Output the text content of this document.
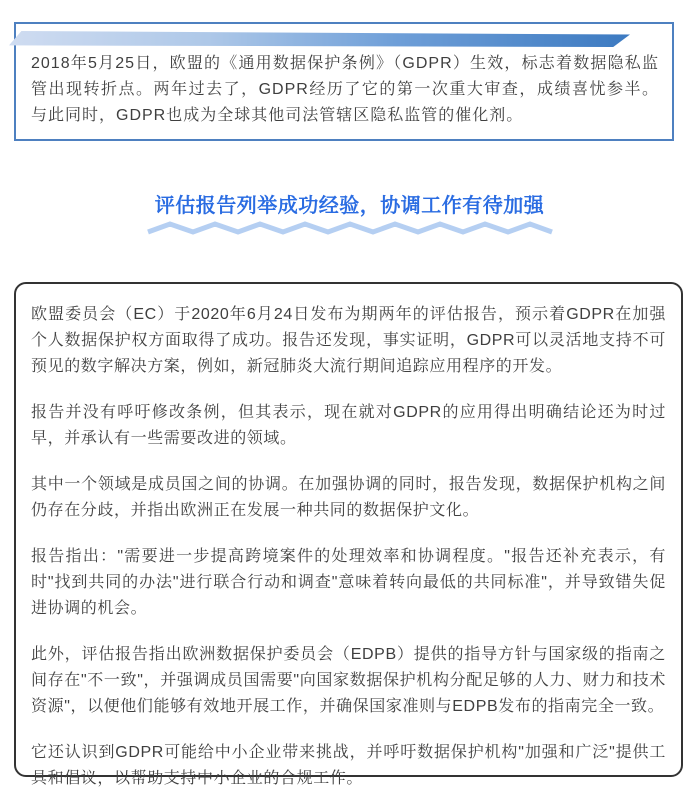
2018年5月25日，欧盟的《通用数据保护条例》（GDPR）生效，标志着数据隐私监管出现转折点。两年过去了，GDPR经历了它的第一次重大审查，成绩喜忧参半。与此同时，GDPR也成为全球其他司法管辖区隐私监管的催化剂。

评估报告列举成功经验，协调工作有待加强

欧盟委员会（EC）于2020年6月24日发布为期两年的评估报告，预示着GDPR在加强个人数据保护权方面取得了成功。报告还发现，事实证明，GDPR可以灵活地支持不可预见的数字解决方案，例如，新冠肺炎大流行期间追踪应用程序的开发。

报告并没有呼吁修改条例，但其表示，现在就对GDPR的应用得出明确结论还为时过早，并承认有一些需要改进的领域。

其中一个领域是成员国之间的协调。在加强协调的同时，报告发现，数据保护机构之间仍存在分歧，并指出欧洲正在发展一种共同的数据保护文化。

报告指出："需要进一步提高跨境案件的处理效率和协调程度。"报告还补充表示，有时"找到共同的办法"进行联合行动和调查"意味着转向最低的共同标准"，并导致错失促进协调的机会。

此外，评估报告指出欧洲数据保护委员会（EDPB）提供的指导方针与国家级的指南之间存在"不一致"，并强调成员国需要"向国家数据保护机构分配足够的人力、财力和技术资源"，以便他们能够有效地开展工作，并确保国家准则与EDPB发布的指南完全一致。

它还认识到GDPR可能给中小企业带来挑战，并呼吁数据保护机构"加强和广泛"提供工具和倡议，以帮助支持中小企业的合规工作。
